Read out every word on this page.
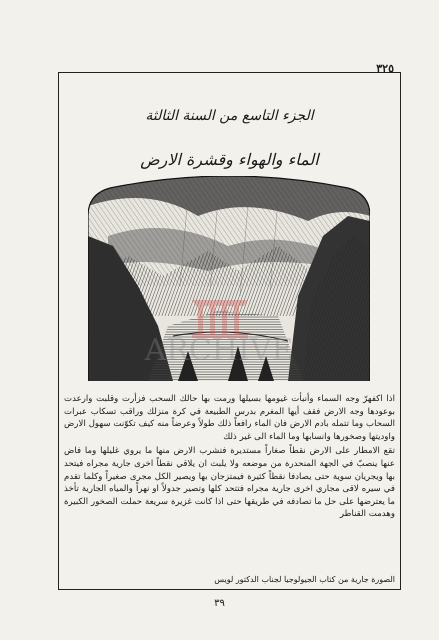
٣٢٥
الجزء التاسع من السنة الثالثة
الماء والهواء وقشرة الارض

اذا اكفهرّ وجه السماء وأنبأت غيومها بسيلها ورمت بها حالك السحب فزأرت وقلبت وارعدت بوعودها وجه الارض فقف أيها المغرم بدرس الطبيعة في كرة منزلك وراقب تسكاب عبرات السحاب وما تتمله بادم الارض فان الماء رافعاً ذلك طولاً وعرضاً منه كيف تكوّنت سهول الارض واوديتها وصخورها وانسابها وما الماء الى غير ذلك

تقع الامطار على الارض نقطاً صغاراً مستديرة فتشرب الارض منها ما يروي غليلها وما فاض عنها ينصبّ في الجهة المنحدرة من موضعه ولا يلبث ان يلاقي نقطاً اخرى جارية مجراه فيتحد بها ويجريان سوية حتى يصادفا نقطاً كثيرة فيمتزجان بها ويصير الكل مجرى صغيراً وكلما تقدم في سيره لاقى مجاري اخرى جارية مجراه فتتحد كلها وتصير جدولاً او نهراً والمياه الجارية تأخذ ما يعترضها على حل ما تصادفه في طريقها حتى اذا كانت غزيرة سريعة حملت الصخور الكبيرة وهدمت القناطر

الصورة جارية من كتاب الجيولوجيا لجناب الدكتور لويس
٣٩
ARCHIVE
